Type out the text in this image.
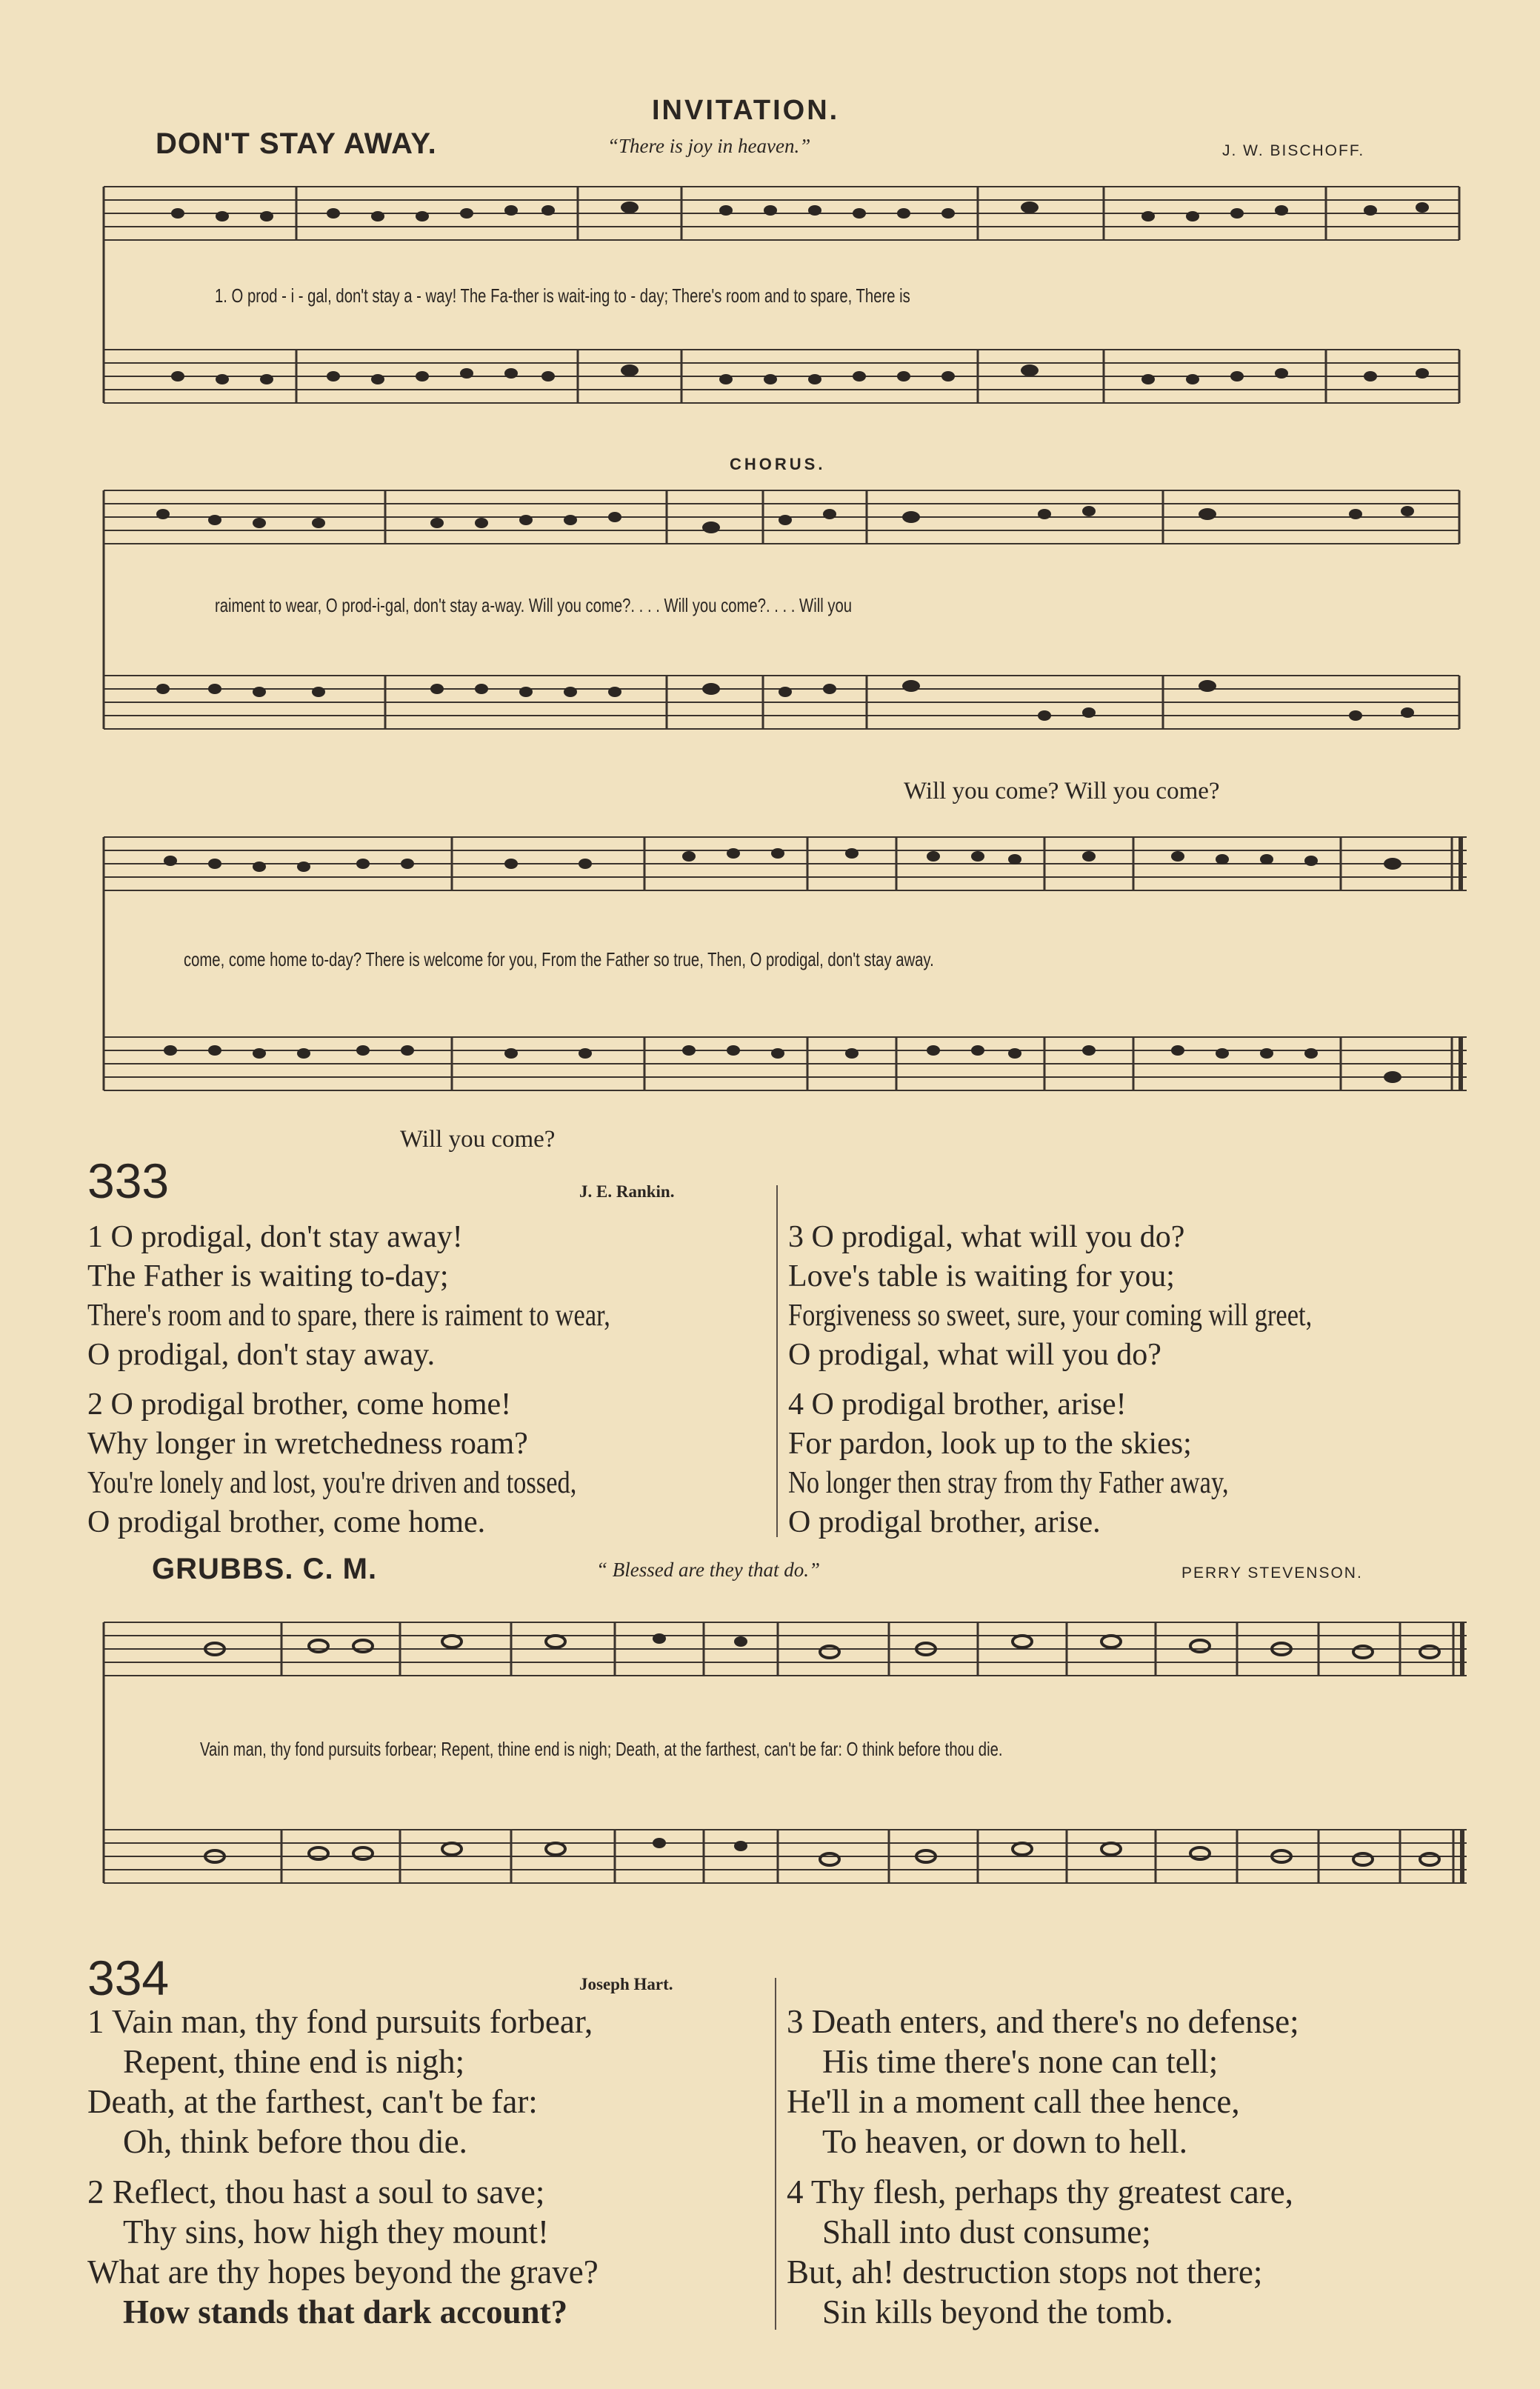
INVITATION.
DON'T STAY AWAY.	“There is joy in heaven.”	J. W. BISCHOFF.
1. O prod - i - gal, don't stay a - way! The Fa-ther is wait-ing to - day; There's room and to spare, There is
CHORUS.
raiment to wear, O prod-i-gal, don't stay a-way. Will you come?. . . . Will you come?. . . . Will you
Will you come? Will you come?
come, come home to-day? There is welcome for you, From the Father so true, Then, O prodigal, don't stay away.
Will you come?
333	J. E. Rankin.
1 O prodigal, don't stay away!
The Father is waiting to-day;
There's room and to spare, there is raiment to wear,
O prodigal, don't stay away.
2 O prodigal brother, come home!
Why longer in wretchedness roam?
You're lonely and lost, you're driven and tossed,
O prodigal brother, come home.
3 O prodigal, what will you do?
Love's table is waiting for you;
Forgiveness so sweet, sure, your coming will greet,
O prodigal, what will you do?
4 O prodigal brother, arise!
For pardon, look up to the skies;
No longer then stray from thy Father away,
O prodigal brother, arise.
GRUBBS. C. M.	“ Blessed are they that do.”	PERRY STEVENSON.
Vain man, thy fond pursuits forbear; Repent, thine end is nigh; Death, at the farthest, can't be far: O think before thou die.
334	Joseph Hart.
1 Vain man, thy fond pursuits forbear,
Repent, thine end is nigh;
Death, at the farthest, can't be far:
Oh, think before thou die.
2 Reflect, thou hast a soul to save;
Thy sins, how high they mount!
What are thy hopes beyond the grave?
How stands that dark account?
3 Death enters, and there's no defense;
His time there's none can tell;
He'll in a moment call thee hence,
To heaven, or down to hell.
4 Thy flesh, perhaps thy greatest care,
Shall into dust consume;
But, ah! destruction stops not there;
Sin kills beyond the tomb.
